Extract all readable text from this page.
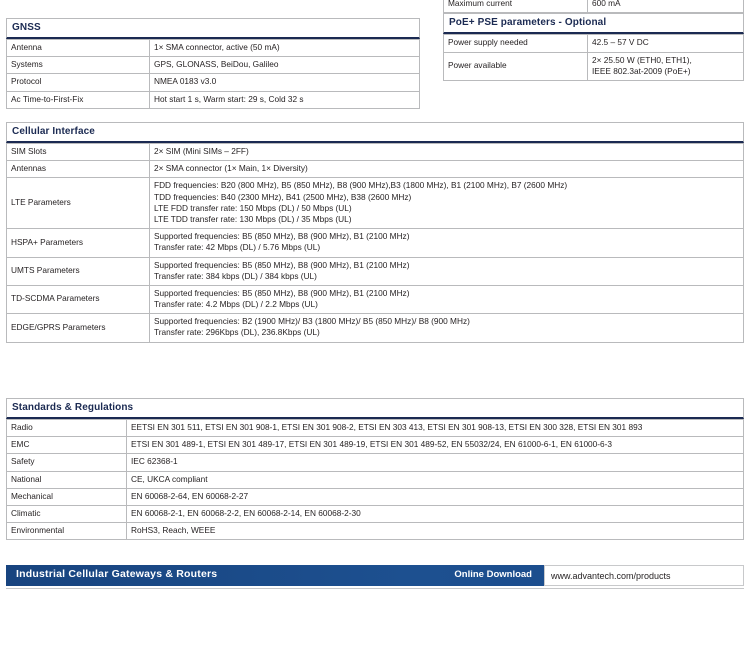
Maximum current	600 mA
PoE+ PSE parameters - Optional
Power supply needed	42.5 – 57 V DC
Power available	2× 25.50 W (ETH0, ETH1),
IEEE 802.3at-2009 (PoE+)
GNSS
Antenna	1× SMA connector, active (50 mA)
Systems	GPS, GLONASS, BeiDou, Galileo
Protocol	NMEA 0183 v3.0
Ac Time-to-First-Fix	Hot start 1 s, Warm start: 29 s, Cold 32 s
Cellular Interface
SIM Slots	2× SIM (Mini SIMs – 2FF)
Antennas	2× SMA connector (1× Main, 1× Diversity)
LTE Parameters	FDD frequencies: B20 (800 MHz), B5 (850 MHz), B8 (900 MHz),B3 (1800 MHz), B1 (2100 MHz), B7 (2600 MHz)
TDD frequencies: B40 (2300 MHz), B41 (2500 MHz), B38 (2600 MHz)
LTE FDD transfer rate: 150 Mbps (DL) / 50 Mbps (UL)
LTE TDD transfer rate: 130 Mbps (DL) / 35 Mbps (UL)

HSPA+ Parameters	Supported frequencies: B5 (850 MHz), B8 (900 MHz), B1 (2100 MHz)
Transfer rate: 42 Mbps (DL) / 5.76 Mbps (UL)

UMTS Parameters	Supported frequencies: B5 (850 MHz), B8 (900 MHz), B1 (2100 MHz)
Transfer rate: 384 kbps (DL) / 384 kbps (UL)

TD-SCDMA Parameters	Supported frequencies: B5 (850 MHz), B8 (900 MHz), B1 (2100 MHz)
Transfer rate: 4.2 Mbps (DL) / 2.2 Mbps (UL)

EDGE/GPRS Parameters	Supported frequencies: B2 (1900 MHz)/ B3 (1800 MHz)/ B5 (850 MHz)/ B8 (900 MHz)
Transfer rate: 296Kbps (DL), 236.8Kbps (UL)
Standards & Regulations
Radio	EETSI EN 301 511, ETSI EN 301 908-1, ETSI EN 301 908-2, ETSI EN 303 413, ETSI EN 301 908-13, ETSI EN 300 328, ETSI EN 301 893
EMC	ETSI EN 301 489-1, ETSI EN 301 489-17, ETSI EN 301 489-19, ETSI EN 301 489-52, EN 55032/24, EN 61000-6-1, EN 61000-6-3
Safety	IEC 62368-1
National	CE, UKCA compliant
Mechanical	EN 60068-2-64, EN 60068-2-27
Climatic	EN 60068-2-1, EN 60068-2-2, EN 60068-2-14, EN 60068-2-30
Environmental	RoHS3, Reach, WEEE
Industrial Cellular Gateways & Routers	Online Download	www.advantech.com/products
